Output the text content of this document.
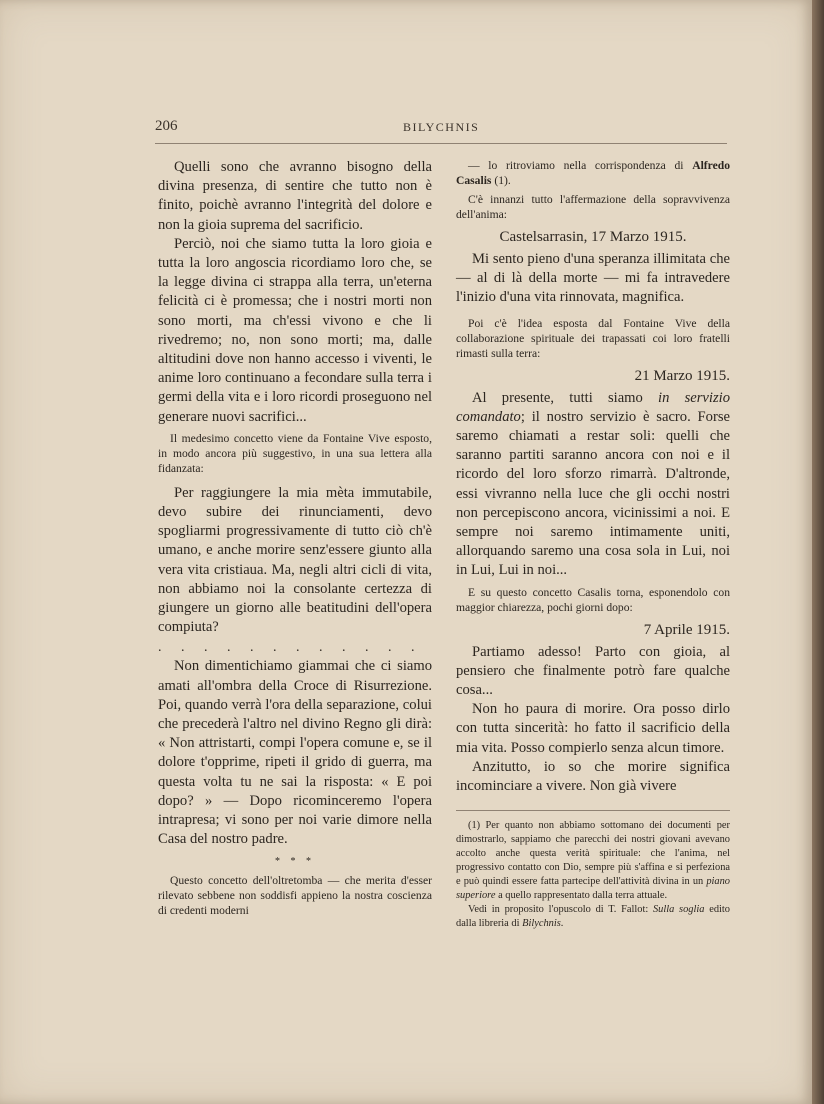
206	BILYCHNIS

Quelli sono che avranno bisogno della divina presenza, di sentire che tutto non è finito, poichè avranno l'integrità del dolore e non la gioia suprema del sacrificio.

Perciò, noi che siamo tutta la loro gioia e tutta la loro angoscia ricordiamo loro che, se la legge divina ci strappa alla terra, un'eterna felicità ci è promessa; che i nostri morti non sono morti, ma ch'essi vivono e che li rivedremo; no, non sono morti; ma, dalle altitudini dove non hanno accesso i viventi, le anime loro continuano a fecondare sulla terra i germi della vita e i loro ricordi proseguono nel generare nuovi sacrifici...

Il medesimo concetto viene da Fontaine Vive esposto, in modo ancora più suggestivo, in una sua lettera alla fidanzata:

Per raggiungere la mia mèta immutabile, devo subire dei rinunciamenti, devo spogliarmi progressivamente di tutto ciò ch'è umano, e anche morire senz'essere giunto alla vera vita cristiaua. Ma, negli altri cicli di vita, non abbiamo noi la consolante certezza di giungere un giorno alle beatitudini dell'opera compiuta?

. . . . . . . . . . . .

Non dimentichiamo giammai che ci siamo amati all'ombra della Croce di Risurrezione. Poi, quando verrà l'ora della separazione, colui che precederà l'altro nel divino Regno gli dirà: « Non attristarti, compi l'opera comune e, se il dolore t'opprime, ripeti il grido di guerra, ma questa volta tu ne sai la risposta: « E poi dopo? » — Dopo ricominceremo l'opera intrapresa; vi sono per noi varie dimore nella Casa del nostro padre.

* * *

Questo concetto dell'oltretomba — che merita d'esser rilevato sebbene non soddisfi appieno la nostra coscienza di credenti moderni

— lo ritroviamo nella corrispondenza di Alfredo Casalis (1).

C'è innanzi tutto l'affermazione della sopravvivenza dell'anima:

Castelsarrasin, 17 Marzo 1915.

Mi sento pieno d'una speranza illimitata che — al di là della morte — mi fa intravedere l'inizio d'una vita rinnovata, magnifica.

Poi c'è l'idea esposta dal Fontaine Vive della collaborazione spirituale dei trapassati coi loro fratelli rimasti sulla terra:

21 Marzo 1915.

Al presente, tutti siamo in servizio comandato; il nostro servizio è sacro. Forse saremo chiamati a restar soli: quelli che saranno partiti saranno ancora con noi e il ricordo del loro sforzo rimarrà. D'altronde, essi vivranno nella luce che gli occhi nostri non percepiscono ancora, vicinissimi a noi. E sempre noi saremo intimamente uniti, allorquando saremo una cosa sola in Lui, noi in Lui, Lui in noi...

E su questo concetto Casalis torna, esponendolo con maggior chiarezza, pochi giorni dopo:

7 Aprile 1915.

Partiamo adesso! Parto con gioia, al pensiero che finalmente potrò fare qualche cosa...

Non ho paura di morire. Ora posso dirlo con tutta sincerità: ho fatto il sacrificio della mia vita. Posso compierlo senza alcun timore.

Anzitutto, io so che morire significa incominciare a vivere. Non già vivere

(1) Per quanto non abbiamo sottomano dei documenti per dimostrarlo, sappiamo che parecchi dei nostri giovani avevano accolto anche questa verità spirituale: che l'anima, nel progressivo contatto con Dio, sempre più s'affina e si perfeziona e può quindi essere fatta partecipe dell'attività divina in un piano superiore a quello rappresentato dalla terra attuale.

Vedi in proposito l'opuscolo di T. Fallot: Sulla soglia edito dalla libreria di Bilychnis.
